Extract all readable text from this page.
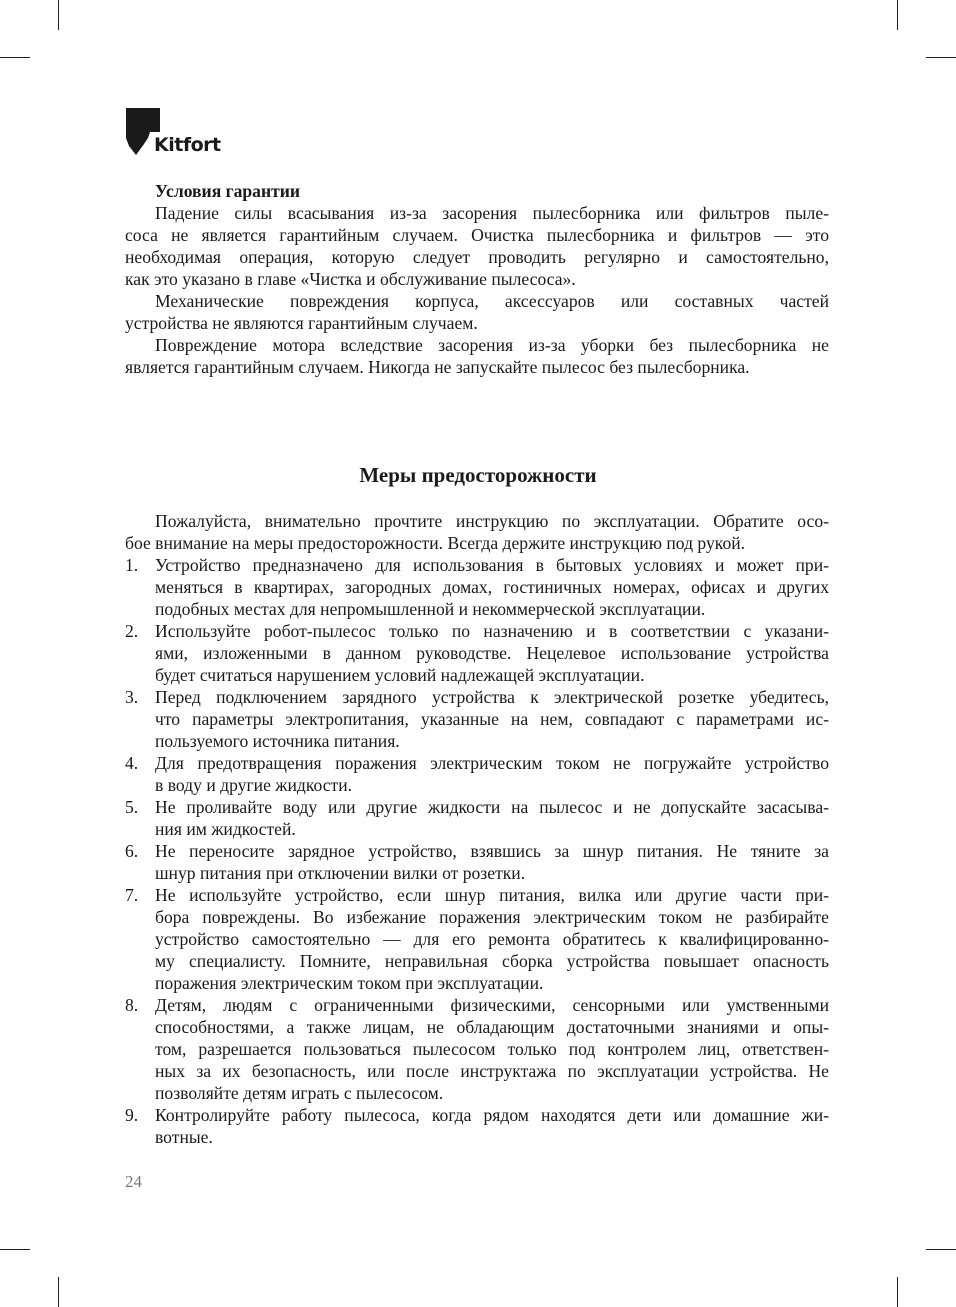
Kitfort
Условия гарантии
Падение силы всасывания из-за засорения пылесборника или фильтров пыле-
соса не является гарантийным случаем. Очистка пылесборника и фильтров — это
необходимая операция, которую следует проводить регулярно и самостоятельно,
как это указано в главе «Чистка и обслуживание пылесоса».
Механические повреждения корпуса, аксессуаров или составных частей
устройства не являются гарантийным случаем.
Повреждение мотора вследствие засорения из-за уборки без пылесборника не
является гарантийным случаем. Никогда не запускайте пылесос без пылесборника.
Меры предосторожности
Пожалуйста, внимательно прочтите инструкцию по эксплуатации. Обратите осо-
бое внимание на меры предосторожности. Всегда держите инструкцию под рукой.
1. Устройство предназначено для использования в бытовых условиях и может при-
меняться в квартирах, загородных домах, гостиничных номерах, офисах и других
подобных местах для непромышленной и некоммерческой эксплуатации.
2. Используйте робот-пылесос только по назначению и в соответствии с указани-
ями, изложенными в данном руководстве. Нецелевое использование устройства
будет считаться нарушением условий надлежащей эксплуатации.
3. Перед подключением зарядного устройства к электрической розетке убедитесь,
что параметры электропитания, указанные на нем, совпадают с параметрами ис-
пользуемого источника питания.
4. Для предотвращения поражения электрическим током не погружайте устройство
в воду и другие жидкости.
5. Не проливайте воду или другие жидкости на пылесос и не допускайте засасыва-
ния им жидкостей.
6. Не переносите зарядное устройство, взявшись за шнур питания. Не тяните за
шнур питания при отключении вилки от розетки.
7. Не используйте устройство, если шнур питания, вилка или другие части при-
бора повреждены. Во избежание поражения электрическим током не разбирайте
устройство самостоятельно — для его ремонта обратитесь к квалифицированно-
му специалисту. Помните, неправильная сборка устройства повышает опасность
поражения электрическим током при эксплуатации.
8. Детям, людям с ограниченными физическими, сенсорными или умственными
способностями, а также лицам, не обладающим достаточными знаниями и опы-
том, разрешается пользоваться пылесосом только под контролем лиц, ответствен-
ных за их безопасность, или после инструктажа по эксплуатации устройства. Не
позволяйте детям играть с пылесосом.
9. Контролируйте работу пылесоса, когда рядом находятся дети или домашние жи-
вотные.
24
